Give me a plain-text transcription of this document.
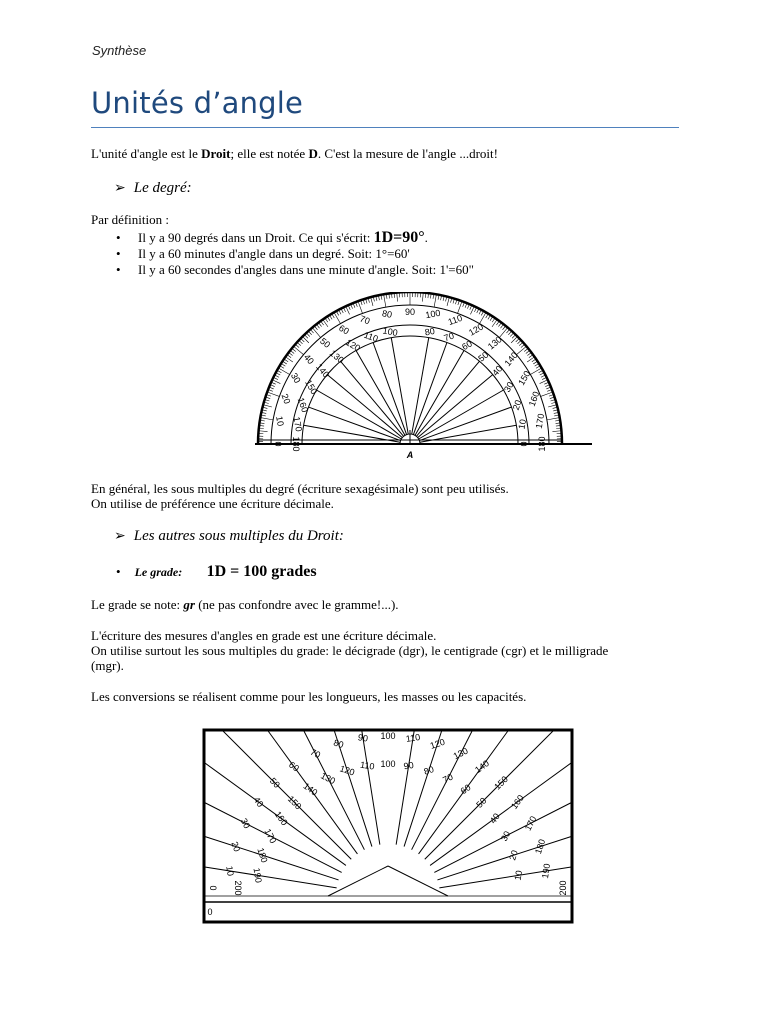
Synthèse
Unités d’angle

L'unité d'angle est le Droit; elle est notée D. C'est la mesure de l'angle ...droit!

➢ Le degré:

Par définition :

• Il y a 90 degrés dans un Droit. Ce qui s'écrit: 1D=90°.
• Il y a 60 minutes d'angle dans un degré. Soit: 1°=60'
• Il y a 60 secondes d'angles dans une minute d'angle. Soit: 1'=60"
0
10
20
30
40
50
60
70 80 90 100 110
120
130
140
150
160
170
180
180
170
160
150
140
130
120
110 100	80 70
60
50
40
30
20
10
0
A

En général, les sous multiples du degré (écriture sexagésimale) sont peu utilisés.

On utilise de préférence une écriture décimale.

➢ Les autres sous multiples du Droit:

• Le grade: 1D = 100 grades

Le grade se note: gr (ne pas confondre avec le gramme!...).

L'écriture des mesures d'angles en grade est une écriture décimale.

On utilise surtout les sous multiples du grade: le décigrade (dgr), le centigrade (cgr) et le milligrade

(mgr).

Les conversions se réalisent comme pour les longueurs, les masses ou les capacités.

0
10
20
30
40
50
60
70
80 90 100 110 120
130
140
150
160
170
180
190
200
200
190
180
170
160
150
140
130
120 110 100 90 80
70
60
50
40
30
20
10
0
